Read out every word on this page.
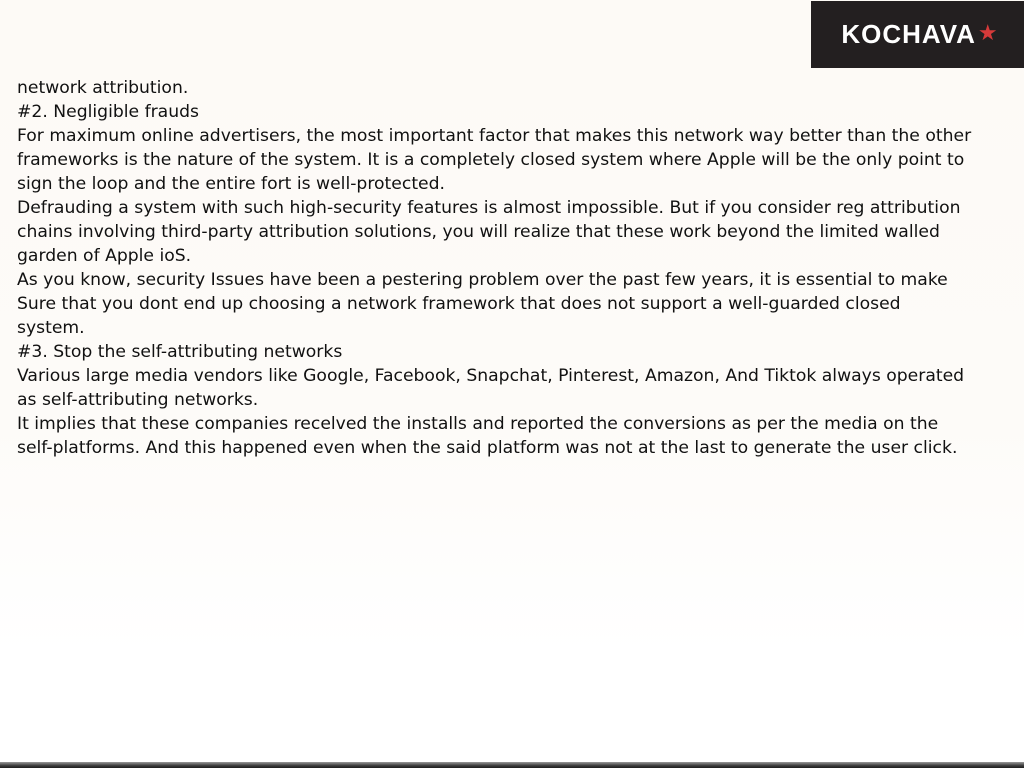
KOCHAVA ★

network attribution.

#2. Negligible frauds

For maximum online advertisers, the most important factor that makes this network way better than the other

frameworks is the nature of the system. It is a completely closed system where Apple will be the only point to

sign the loop and the entire fort is well-protected.

Defrauding a system with such high-security features is almost impossible. But if you consider reg attribution

chains involving third-party attribution solutions, you will realize that these work beyond the limited walled

garden of Apple ioS.

As you know, security Issues have been a pestering problem over the past few years, it is essential to make

Sure that you dont end up choosing a network framework that does not support a well-guarded closed

system.

#3. Stop the self-attributing networks

Various large media vendors like Google, Facebook, Snapchat, Pinterest, Amazon, And Tiktok always operated

as self-attributing networks.

It implies that these companies recelved the installs and reported the conversions as per the media on the

self-platforms. And this happened even when the said platform was not at the last to generate the user click.
